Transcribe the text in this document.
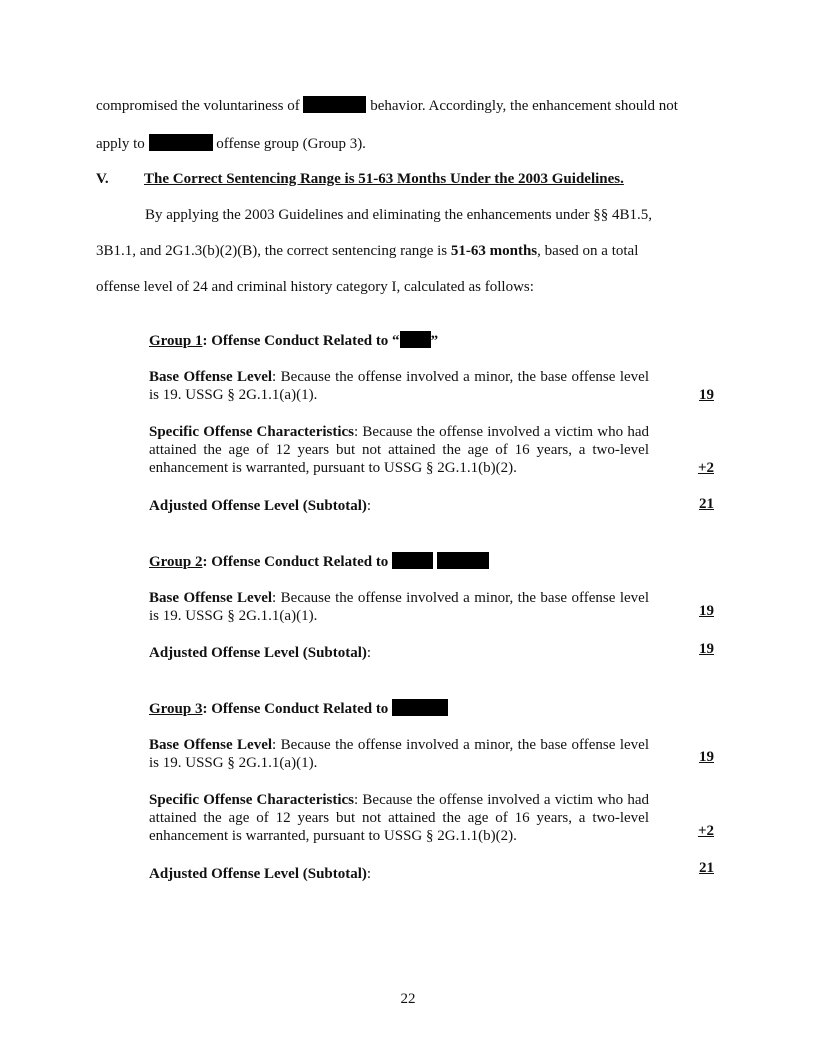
compromised the voluntariness of	behavior. Accordingly, the enhancement should not
apply to	offense group (Group 3).
V. The Correct Sentencing Range is 51-63 Months Under the 2003 Guidelines.
By applying the 2003 Guidelines and eliminating the enhancements under §§ 4B1.5,
3B1.1, and 2G1.3(b)(2)(B), the correct sentencing range is 51-63 months, based on a total
offense level of 24 and criminal history category I, calculated as follows:
Group 1: Offense Conduct Related to “ ”

Base Offense Level: Because the offense involved a minor, the base offense level is 19. USSG § 2G.1.1(a)(1).	19

Specific Offense Characteristics: Because the offense involved a victim who had attained the age of 12 years but not attained the age of 16 years, a two-level enhancement is warranted, pursuant to USSG § 2G.1.1(b)(2).	+2
Adjusted Offense Level (Subtotal):	21
Group 2: Offense Conduct Related to

Base Offense Level: Because the offense involved a minor, the base offense level is 19. USSG § 2G.1.1(a)(1).	19
Adjusted Offense Level (Subtotal):	19
Group 3: Offense Conduct Related to

Base Offense Level: Because the offense involved a minor, the base offense level is 19. USSG § 2G.1.1(a)(1).	19

Specific Offense Characteristics: Because the offense involved a victim who had attained the age of 12 years but not attained the age of 16 years, a two-level enhancement is warranted, pursuant to USSG § 2G.1.1(b)(2).	+2
Adjusted Offense Level (Subtotal):	21
22
